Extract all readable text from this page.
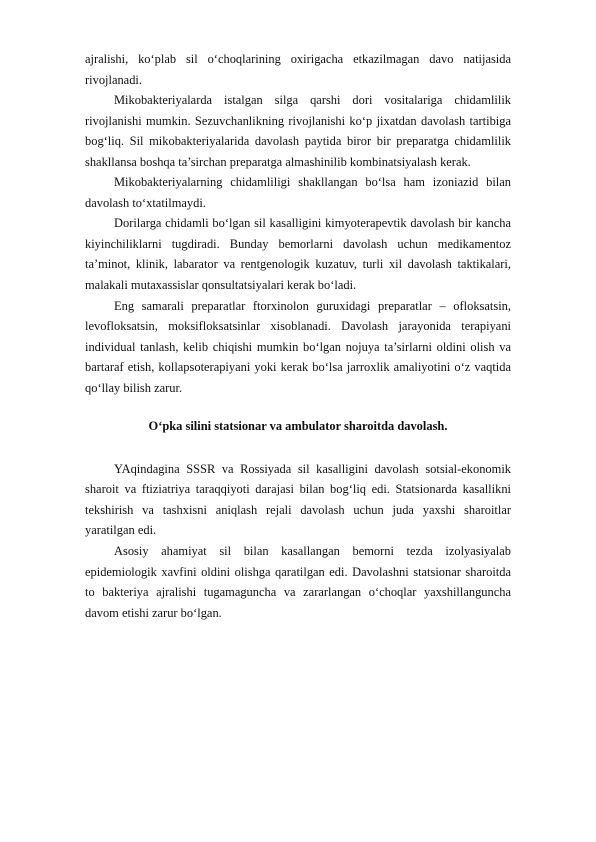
ajralishi, ko‘plab sil o‘choqlarining oxirigacha etkazilmagan davo natijasida rivojlanadi.

Mikobakteriyalarda istalgan silga qarshi dori vositalariga chidamlilik rivojlanishi mumkin. Sezuvchanlikning rivojlanishi ko‘p jixatdan davolash tartibiga bog‘liq. Sil mikobakteriyalarida davolash paytida biror bir preparatga chidamlilik shakllansa boshqa ta’sirchan preparatga almashinilib kombinatsiyalash kerak.

Mikobakteriyalarning chidamliligi shakllangan bo‘lsa ham izoniazid bilan davolash to‘xtatilmaydi.

Dorilarga chidamli bo‘lgan sil kasalligini kimyoterapevtik davolash bir kancha kiyinchiliklarni tugdiradi. Bunday bemorlarni davolash uchun medikamentoz ta’minot, klinik, labarator va rentgenologik kuzatuv, turli xil davolash taktikalari, malakali mutaxassislar qonsultatsiyalari kerak bo‘ladi.

Eng samarali preparatlar ftorxinolon guruxidagi preparatlar – ofloksatsin, levofloksatsin, moksifloksatsinlar xisoblanadi. Davolash jarayonida terapiyani individual tanlash, kelib chiqishi mumkin bo‘lgan nojuya ta’sirlarni oldini olish va bartaraf etish, kollapsoterapiyani yoki kerak bo‘lsa jarroxlik amaliyotini o‘z vaqtida qo‘llay bilish zarur.

O‘pka silini statsionar va ambulator sharoitda davolash.

YAqindagina SSSR va Rossiyada sil kasalligini davolash sotsial-ekonomik sharoit va ftiziatriya taraqqiyoti darajasi bilan bog‘liq edi. Statsionarda kasallikni tekshirish va tashxisni aniqlash rejali davolash uchun juda yaxshi sharoitlar yaratilgan edi.

Asosiy ahamiyat sil bilan kasallangan bemorni tezda izolyasiyalab epidemiologik xavfini oldini olishga qaratilgan edi. Davolashni statsionar sharoitda to bakteriya ajralishi tugamaguncha va zararlangan o‘choqlar yaxshillanguncha davom etishi zarur bo‘lgan.
